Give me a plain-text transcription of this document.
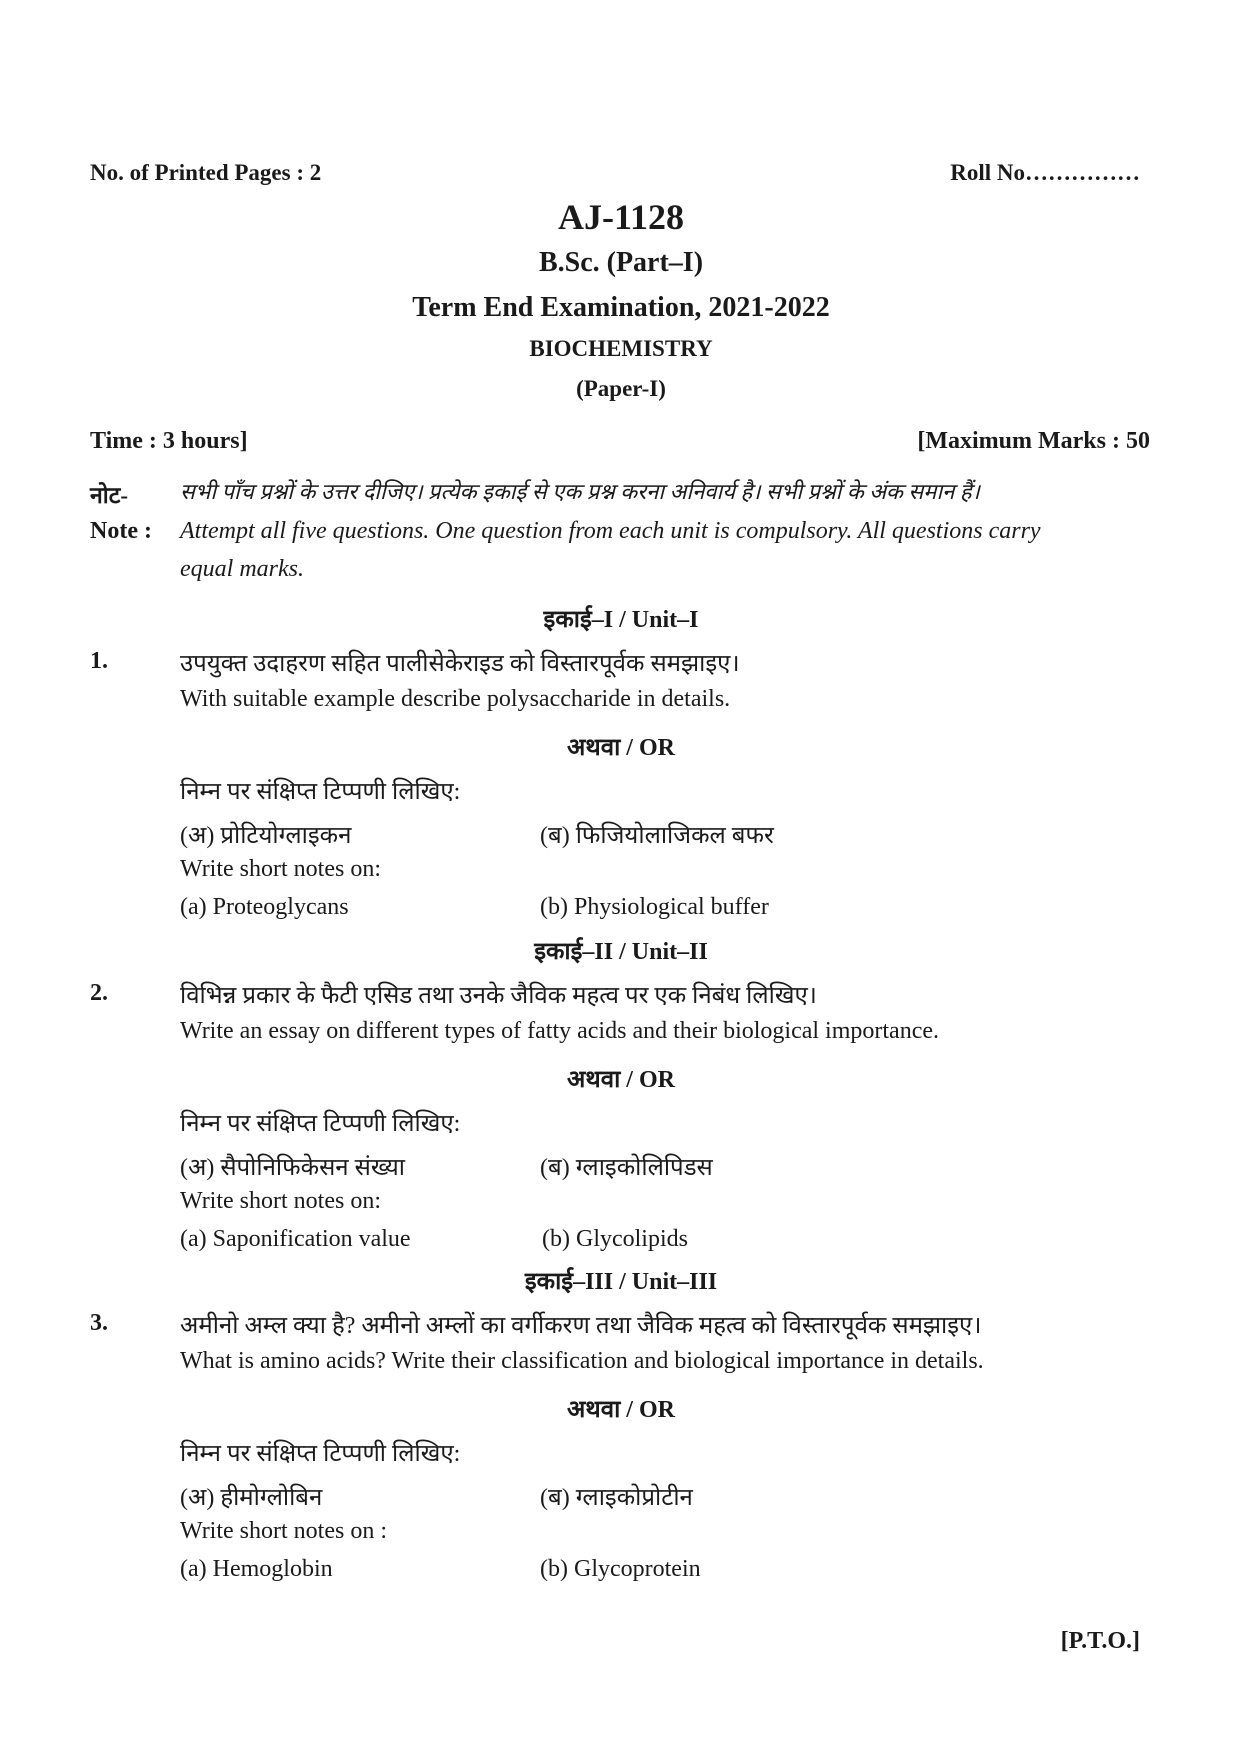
No. of Printed Pages : 2	Roll No……………
AJ-1128
B.Sc. (Part–I)
Term End Examination, 2021-2022
BIOCHEMISTRY
(Paper-I)
Time : 3 hours]	[Maximum Marks : 50
नोट- सभी पाँच प्रश्नों के उत्तर दीजिए। प्रत्येक इकाई से एक प्रश्न करना अनिवार्य है। सभी प्रश्नों के अंक समान हैं।
Note : Attempt all five questions. One question from each unit is compulsory. All questions carry
equal marks.
इकाई–I / Unit–I
1.	उपयुक्त उदाहरण सहित पालीसेकेराइड को विस्तारपूर्वक समझाइए।
With suitable example describe polysaccharide in details.
अथवा / OR
निम्न पर संक्षिप्त टिप्पणी लिखिए:
(अ) प्रोटियोग्लाइकन	(ब) फिजियोलाजिकल बफर
Write short notes on:
(a) Proteoglycans	(b) Physiological buffer
इकाई–II / Unit–II
2.	विभिन्न प्रकार के फैटी एसिड तथा उनके जैविक महत्व पर एक निबंध लिखिए।
Write an essay on different types of fatty acids and their biological importance.
अथवा / OR
निम्न पर संक्षिप्त टिप्पणी लिखिए:
(अ) सैपोनिफिकेसन संख्या	(ब) ग्लाइकोलिपिडस
Write short notes on:
(a) Saponification value	(b) Glycolipids
इकाई–III / Unit–III
3.	अमीनो अम्ल क्या है? अमीनो अम्लों का वर्गीकरण तथा जैविक महत्व को विस्तारपूर्वक समझाइए।
What is amino acids? Write their classification and biological importance in details.
अथवा / OR
निम्न पर संक्षिप्त टिप्पणी लिखिए:
(अ) हीमोग्लोबिन	(ब) ग्लाइकोप्रोटीन
Write short notes on :
(a) Hemoglobin	(b) Glycoprotein
[P.T.O.]
